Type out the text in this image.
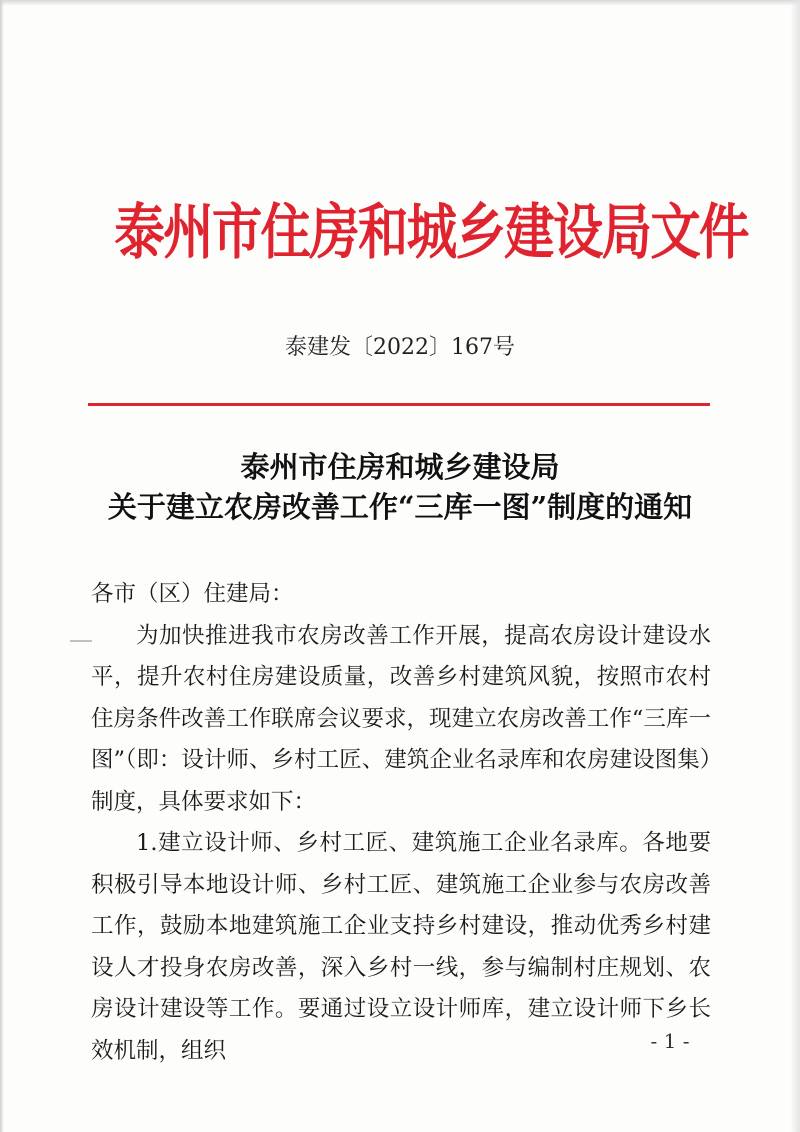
泰州市住房和城乡建设局文件
泰建发〔2022〕167号
泰州市住房和城乡建设局
关于建立农房改善工作“三库一图”制度的通知

各市（区）住建局：

为加快推进我市农房改善工作开展，提高农房设计建设水平，提升农村住房建设质量，改善乡村建筑风貌，按照市农村住房条件改善工作联席会议要求，现建立农房改善工作“三库一图”（即：设计师、乡村工匠、建筑企业名录库和农房建设图集）制度，具体要求如下：

1.建立设计师、乡村工匠、建筑施工企业名录库。各地要积极引导本地设计师、乡村工匠、建筑施工企业参与农房改善工作，鼓励本地建筑施工企业支持乡村建设，推动优秀乡村建设人才投身农房改善，深入乡村一线，参与编制村庄规划、农房设计建设等工作。要通过设立设计师库，建立设计师下乡长效机制，组织	- 1 -
